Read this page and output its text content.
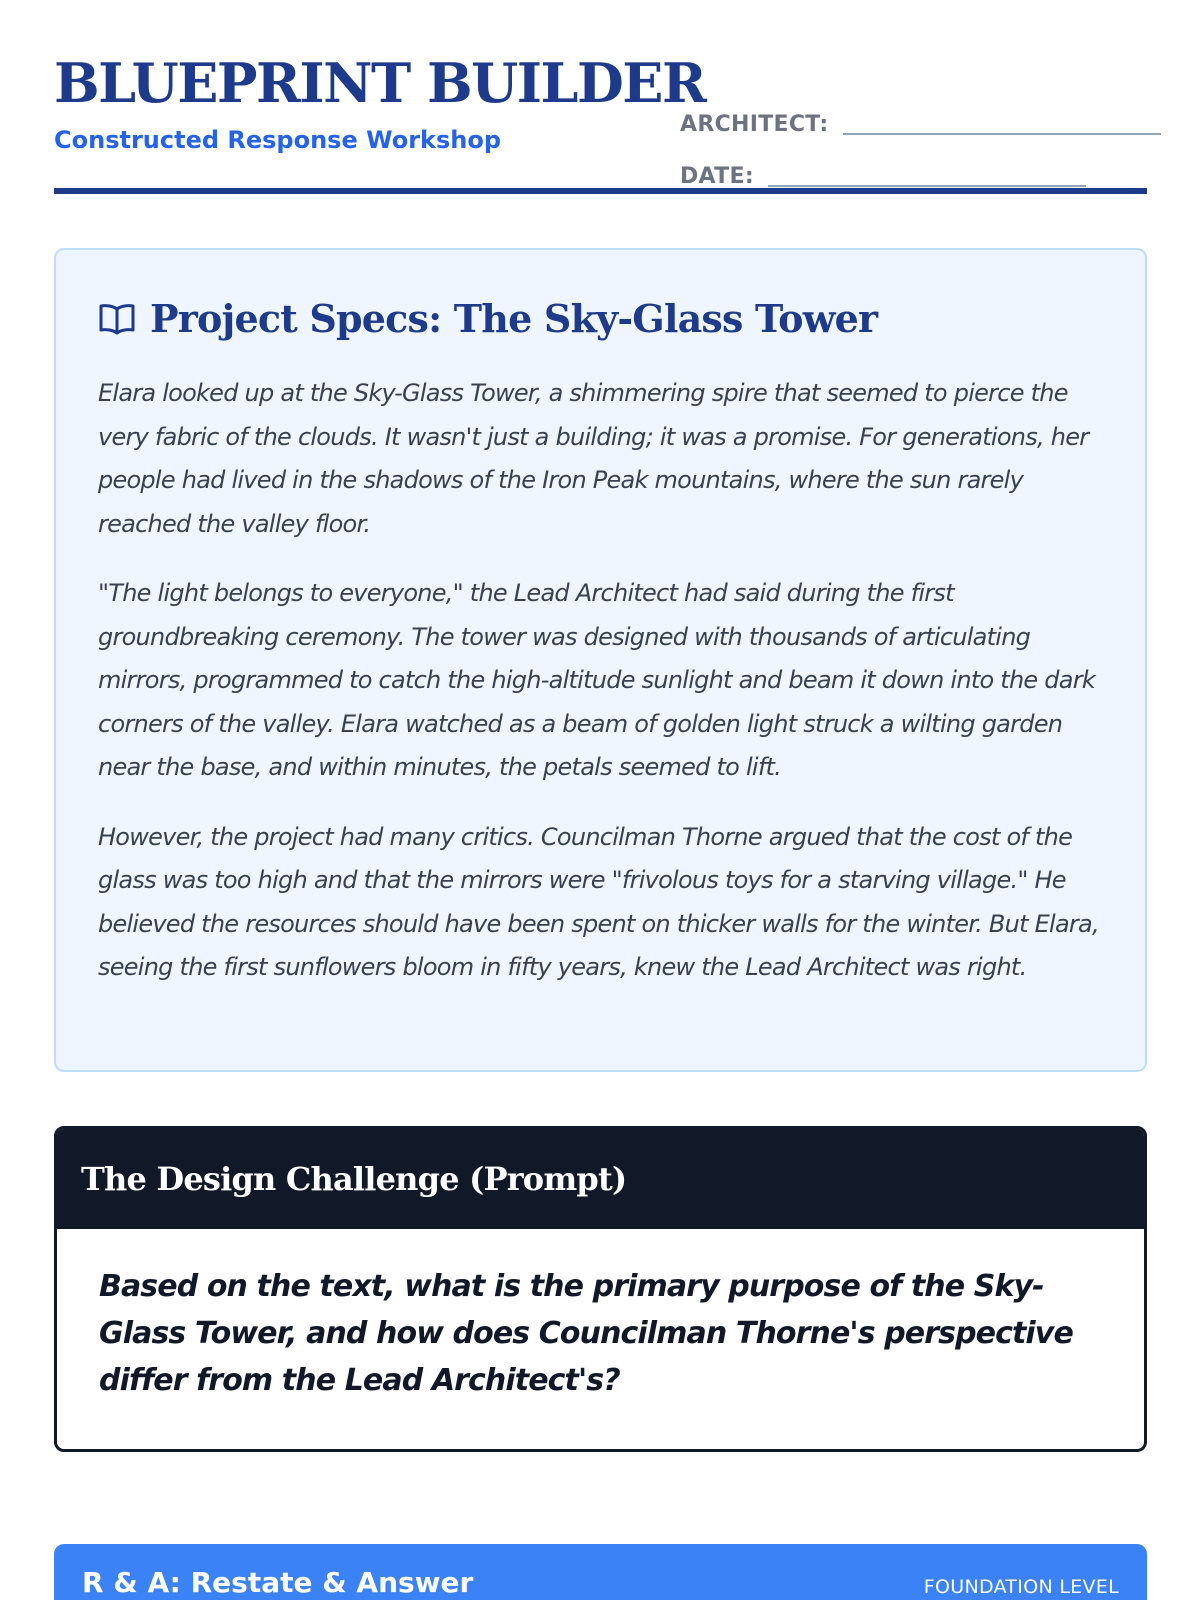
BLUEPRINT BUILDER
Constructed Response Workshop
ARCHITECT:
DATE:
Project Specs: The Sky-Glass Tower

Elara looked up at the Sky-Glass Tower, a shimmering spire that seemed to pierce the very fabric of the clouds. It wasn't just a building; it was a promise. For generations, her people had lived in the shadows of the Iron Peak mountains, where the sun rarely reached the valley floor.

"The light belongs to everyone," the Lead Architect had said during the first groundbreaking ceremony. The tower was designed with thousands of articulating mirrors, programmed to catch the high-altitude sunlight and beam it down into the dark corners of the valley. Elara watched as a beam of golden light struck a wilting garden near the base, and within minutes, the petals seemed to lift.

However, the project had many critics. Councilman Thorne argued that the cost of the glass was too high and that the mirrors were "frivolous toys for a starving village." He believed the resources should have been spent on thicker walls for the winter. But Elara, seeing the first sunflowers bloom in fifty years, knew the Lead Architect was right.

The Design Challenge (Prompt)
Based on the text, what is the primary purpose of the Sky-Glass Tower, and how does Councilman Thorne's perspective differ from the Lead Architect's?
R & A: Restate & Answer	FOUNDATION LEVEL
